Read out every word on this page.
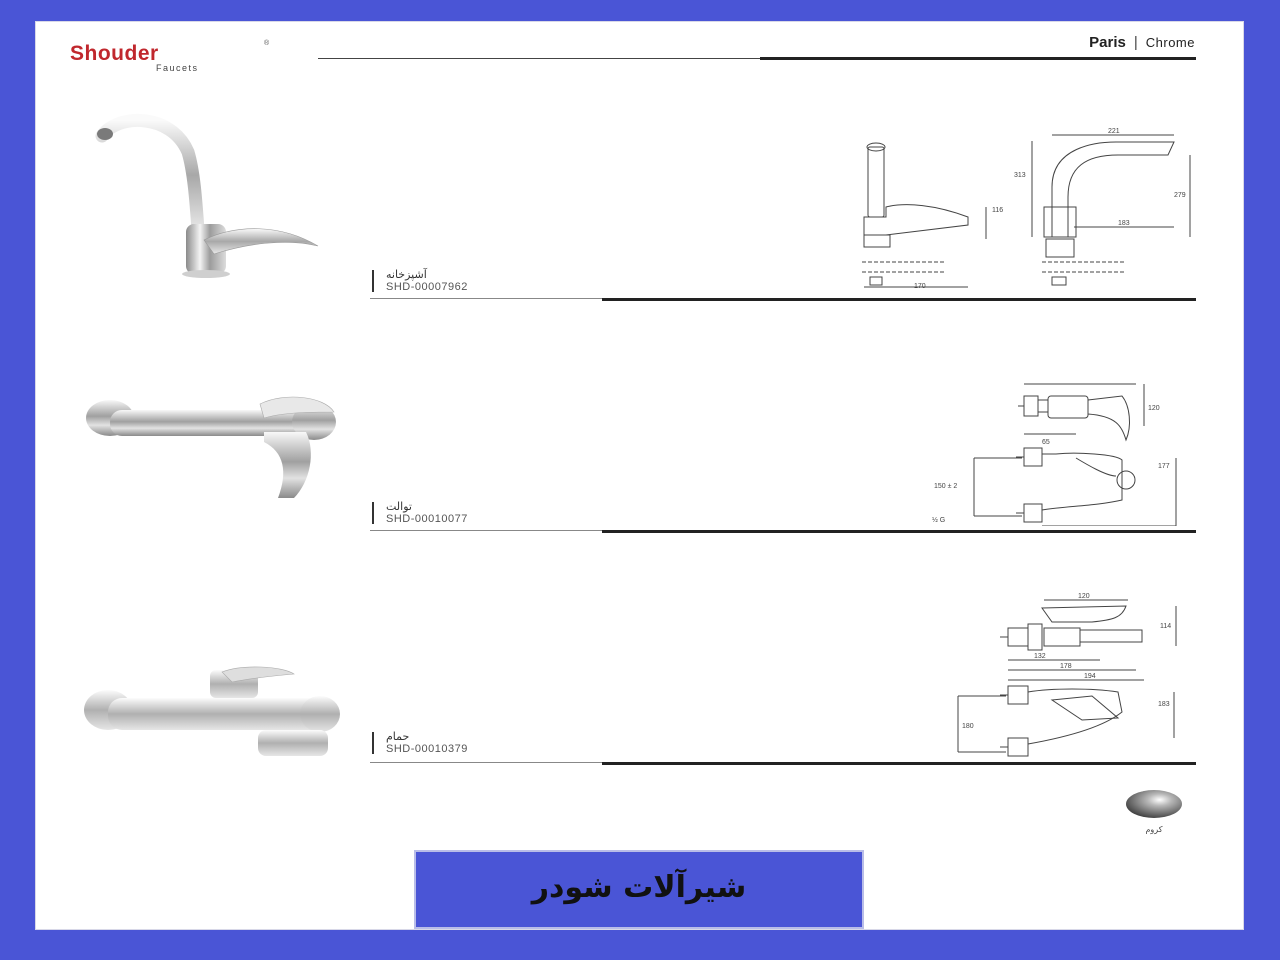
Shouder
Faucets
®	Paris | Chrome
آشپزخانه
SHD-00007962
116
170
221
313
279
183
توالت
SHD-00010077
120
65
150 ± 2
177
½ G
حمام
SHD-00010379
120
114
132
178
194
180
183
کروم
شیرآلات شودر
